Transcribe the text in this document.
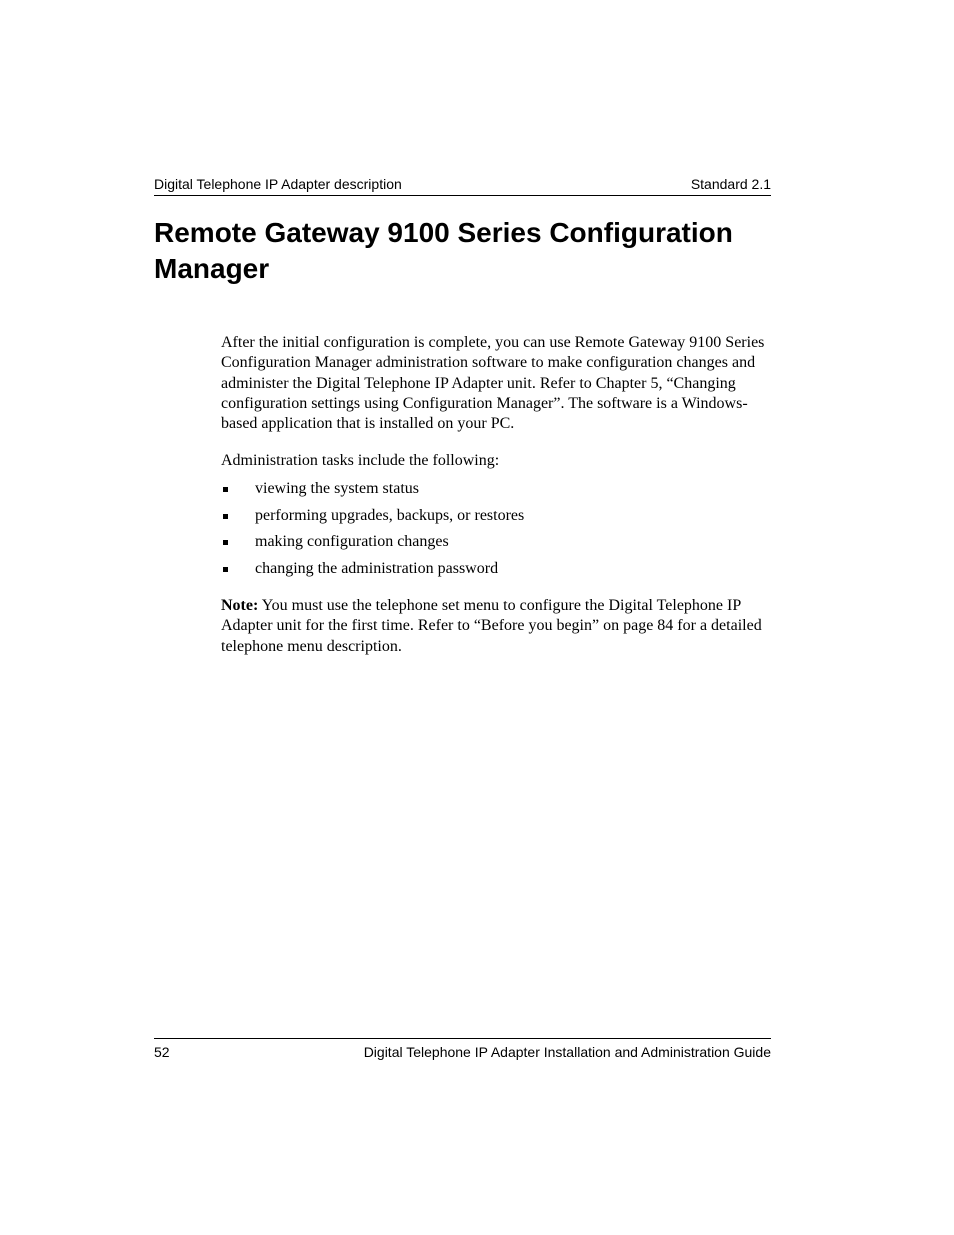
Digital Telephone IP Adapter description	Standard 2.1
Remote Gateway 9100 Series Configuration Manager

After the initial configuration is complete, you can use Remote Gateway 9100 Series Configuration Manager administration software to make configuration changes and administer the Digital Telephone IP Adapter unit. Refer to Chapter 5, “Changing configuration settings using Configuration Manager”. The software is a Windows-based application that is installed on your PC.

Administration tasks include the following:

viewing the system status
performing upgrades, backups, or restores
making configuration changes
changing the administration password

Note: You must use the telephone set menu to configure the Digital Telephone IP Adapter unit for the first time. Refer to “Before you begin” on page 84 for a detailed telephone menu description.

52	Digital Telephone IP Adapter Installation and Administration Guide
